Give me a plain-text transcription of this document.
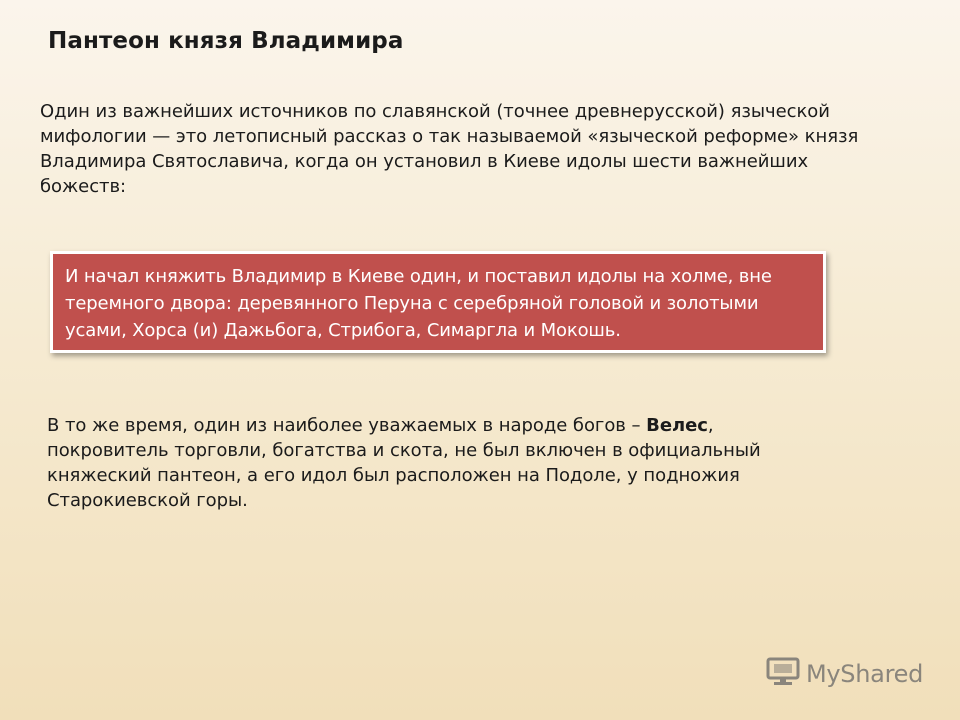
Пантеон князя Владимира
Один из важнейших источников по славянской (точнее древнерусской) языческой мифологии — это летописный рассказ о так называемой «языческой реформе» князя Владимира Святославича, когда он установил в Киеве идолы шести важнейших божеств:
И начал княжить Владимир в Киеве один, и поставил идолы на холме, вне теремного двора: деревянного Перуна с серебряной головой и золотыми усами, Хорса (и) Дажьбога, Стрибога, Симаргла и Мокошь.
В то же время, один из наиболее уважаемых в народе богов – Велес, покровитель торговли, богатства и скота, не был включен в официальный княжеский пантеон, а его идол был расположен на Подоле, у подножия Старокиевской горы.
MyShared
